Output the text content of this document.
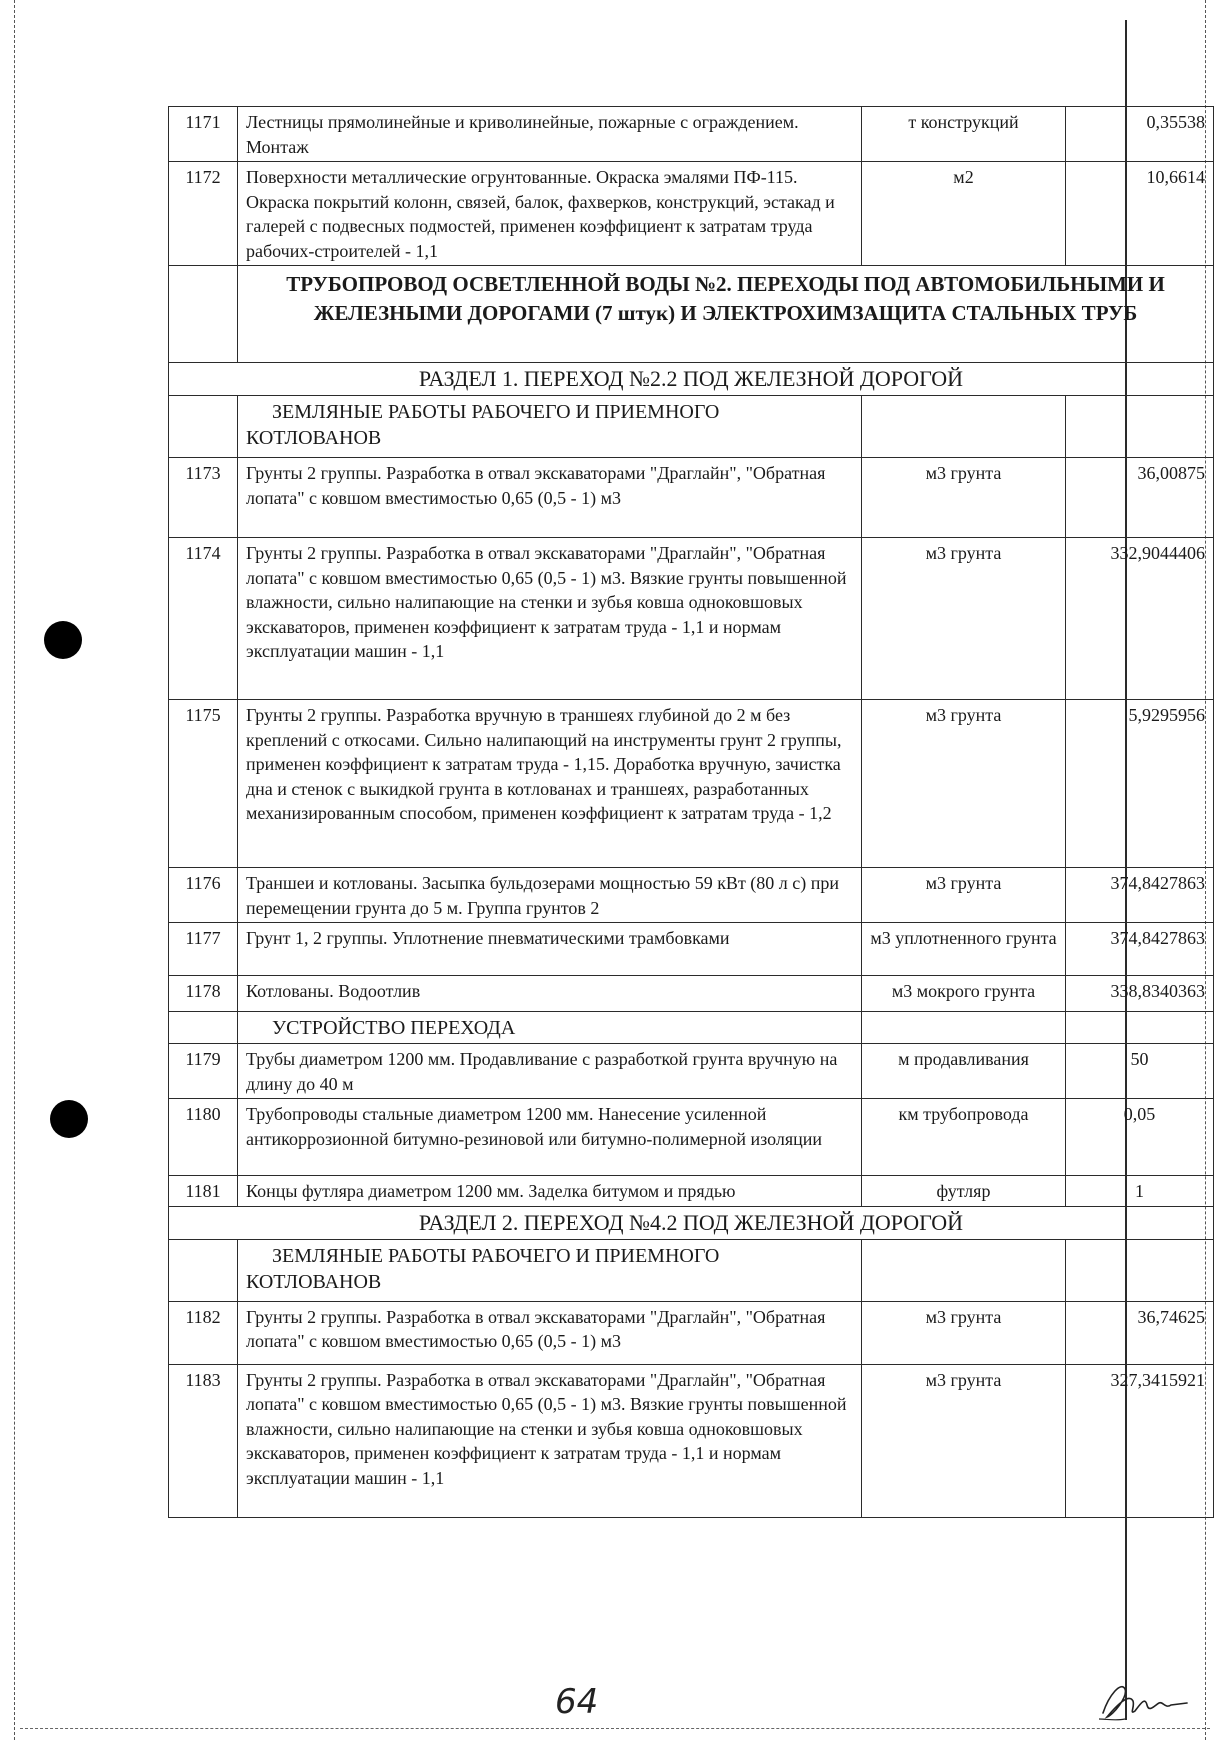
1171	Лестницы прямолинейные и криволинейные, пожарные с ограждением. Монтаж	т конструкций	0,35538
1172	Поверхности металлические огрунтованные. Окраска эмалями ПФ-115. Окраска покрытий колонн, связей, балок, фахверков, конструкций, эстакад и галерей с подвесных подмостей, применен коэффициент к затратам труда рабочих-строителей - 1,1	м2	10,6614
	ТРУБОПРОВОД ОСВЕТЛЕННОЙ ВОДЫ №2. ПЕРЕХОДЫ ПОД АВТОМОБИЛЬНЫМИ И ЖЕЛЕЗНЫМИ ДОРОГАМИ (7 штук) И ЭЛЕКТРОХИМЗАЩИТА СТАЛЬНЫХ ТРУБ		
РАЗДЕЛ 1. ПЕРЕХОД №2.2 ПОД ЖЕЛЕЗНОЙ ДОРОГОЙ			

	ЗЕМЛЯНЫЕ РАБОТЫ РАБОЧЕГО И ПРИЕМНОГО
КОТЛОВАНОВ		

1173	Грунты 2 группы. Разработка в отвал экскаваторами "Драглайн", "Обратная лопата" с ковшом вместимостью 0,65 (0,5 - 1) м3	м3 грунта	36,00875
1174	Грунты 2 группы. Разработка в отвал экскаваторами "Драглайн", "Обратная лопата" с ковшом вместимостью 0,65 (0,5 - 1) м3. Вязкие грунты повышенной влажности, сильно налипающие на стенки и зубья ковша одноковшовых экскаваторов, применен коэффициент к затратам труда - 1,1 и нормам эксплуатации машин - 1,1	м3 грунта	332,9044406
1175	Грунты 2 группы. Разработка вручную в траншеях глубиной до 2 м без креплений с откосами. Сильно налипающий на инструменты грунт 2 группы, применен коэффициент к затратам труда - 1,15. Доработка вручную, зачистка дна и стенок с выкидкой грунта в котлованах и траншеях, разработанных механизированным способом, применен коэффициент к затратам труда - 1,2	м3 грунта	5,9295956
1176	Траншеи и котлованы. Засыпка бульдозерами мощностью 59 кВт (80 л с) при перемещении грунта до 5 м. Группа грунтов 2	м3 грунта	374,8427863
1177	Грунт 1, 2 группы. Уплотнение пневматическими трамбовками	м3 уплотненного грунта	374,8427863
1178	Котлованы. Водоотлив	м3 мокрого грунта	338,8340363

	УСТРОЙСТВО ПЕРЕХОДА		

1179	Трубы диаметром 1200 мм. Продавливание с разработкой грунта вручную на длину до 40 м	м продавливания	50
1180	Трубопроводы стальные диаметром 1200 мм. Нанесение усиленной антикоррозионной битумно-резиновой или битумно-полимерной изоляции	км трубопровода	0,05
1181	Концы футляра диаметром 1200 мм. Заделка битумом и прядью	футляр	1
РАЗДЕЛ 2. ПЕРЕХОД №4.2 ПОД ЖЕЛЕЗНОЙ ДОРОГОЙ			

	ЗЕМЛЯНЫЕ РАБОТЫ РАБОЧЕГО И ПРИЕМНОГО
КОТЛОВАНОВ		

1182	Грунты 2 группы. Разработка в отвал экскаваторами "Драглайн", "Обратная лопата" с ковшом вместимостью 0,65 (0,5 - 1) м3	м3 грунта	36,74625
1183	Грунты 2 группы. Разработка в отвал экскаваторами "Драглайн", "Обратная лопата" с ковшом вместимостью 0,65 (0,5 - 1) м3. Вязкие грунты повышенной влажности, сильно налипающие на стенки и зубья ковша одноковшовых экскаваторов, применен коэффициент к затратам труда - 1,1 и нормам эксплуатации машин - 1,1	м3 грунта	327,3415921
64
